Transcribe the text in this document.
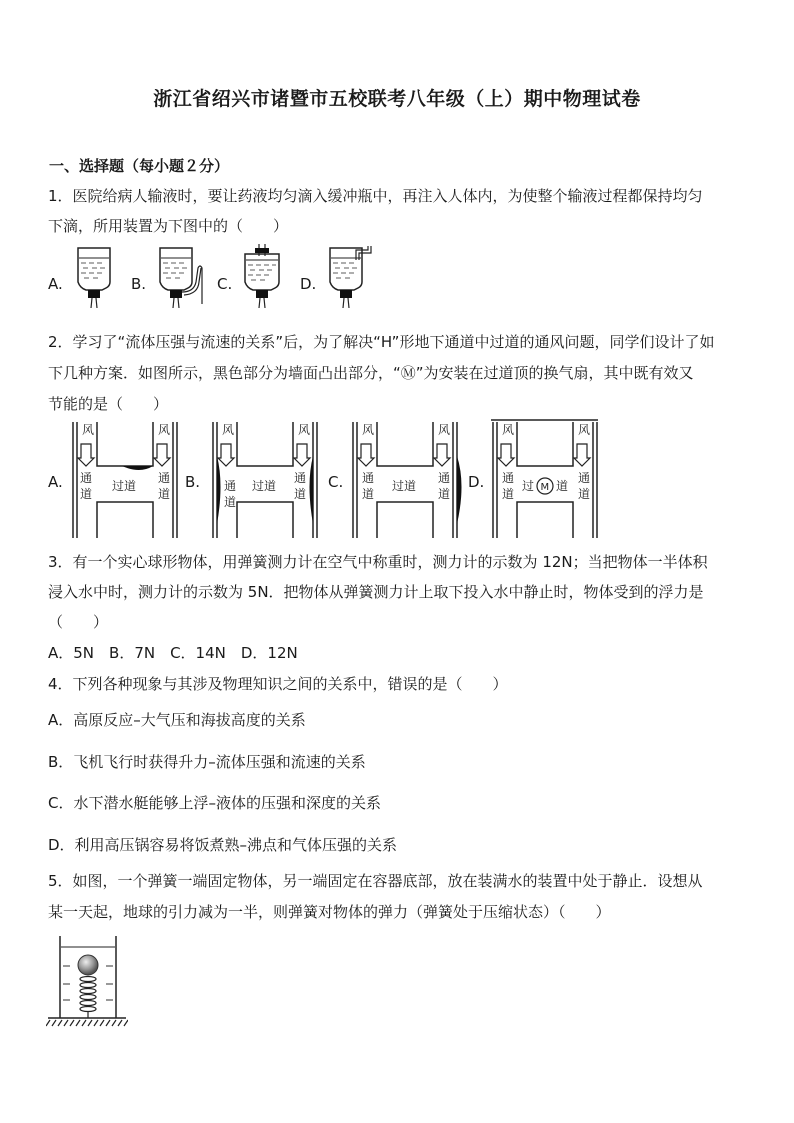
浙江省绍兴市诸暨市五校联考八年级（上）期中物理试卷
一、选择题（每小题２分）
1．医院给病人输液时，要让药液均匀滴入缓冲瓶中，再注入人体内，为使整个输液过程都保持均匀
下滴，所用装置为下图中的（　　）
A.	B.	C.	D.
2．学习了“流体压强与流速的关系”后，为了解决“H”形地下通道中过道的通风问题，同学们设计了如
下几种方案．如图所示，黑色部分为墙面凸出部分，“Ⓜ”为安装在过道顶的换气扇，其中既有效又
节能的是（　　）
A.	B.	C.	D.
风	风
通
道
通
道
过道
风	风
通
道
通
道
过道
风	风
通
道
通
道
过道
风	风
通
道
通
道
过 M 道
3．有一个实心球形物体，用弹簧测力计在空气中称重时，测力计的示数为 12N；当把物体一半体积
浸入水中时，测力计的示数为 5N．把物体从弹簧测力计上取下投入水中静止时，物体受到的浮力是
（　　）
A．5N　B．7N　C．14N　D．12N
4．下列各种现象与其涉及物理知识之间的关系中，错误的是（　　）
A．高原反应–大气压和海拔高度的关系
B．飞机飞行时获得升力–流体压强和流速的关系
C．水下潜水艇能够上浮–液体的压强和深度的关系
D．利用高压锅容易将饭煮熟–沸点和气体压强的关系
5．如图，一个弹簧一端固定物体，另一端固定在容器底部，放在装满水的装置中处于静止．设想从
某一天起，地球的引力减为一半，则弹簧对物体的弹力（弹簧处于压缩状态）（　　）
